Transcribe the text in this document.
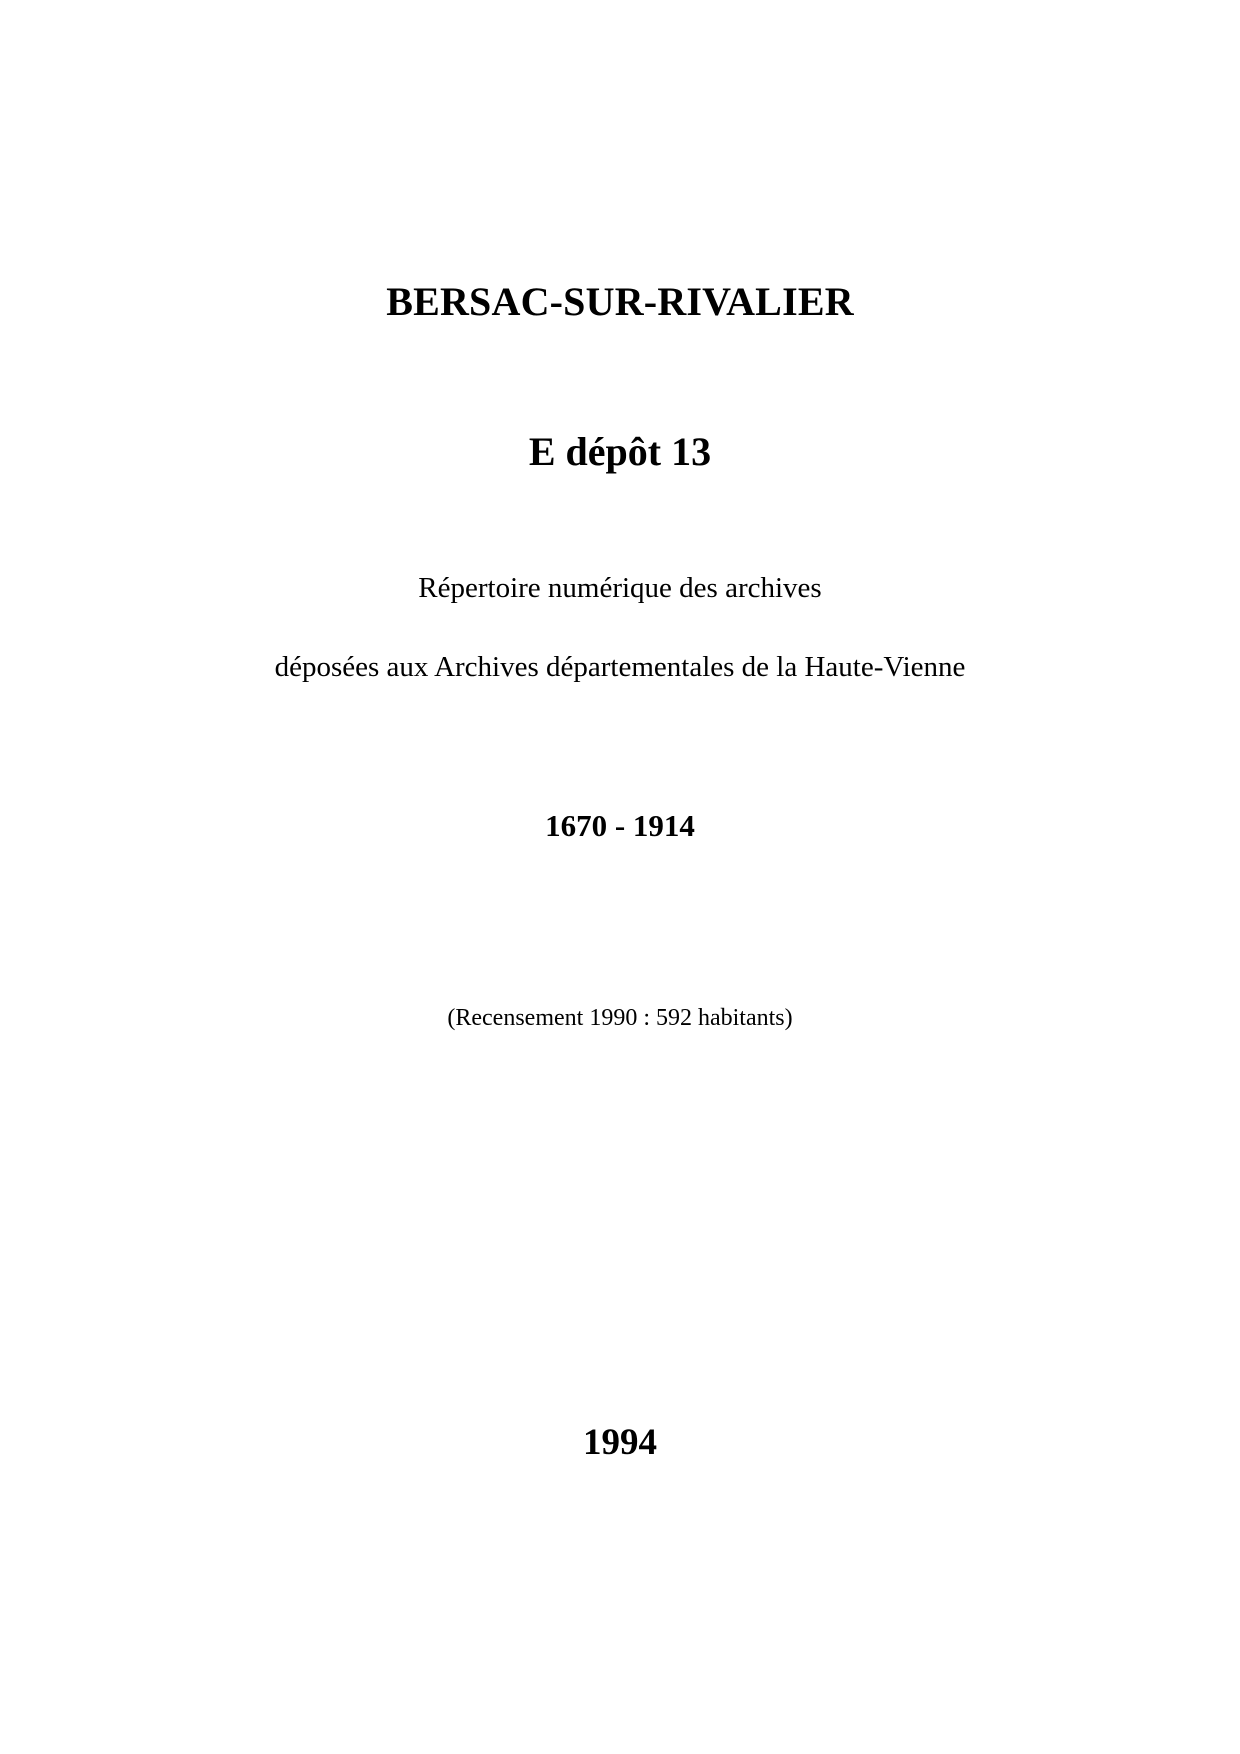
BERSAC-SUR-RIVALIER
E dépôt 13
Répertoire numérique des archives
déposées aux Archives départementales de la Haute-Vienne
1670 - 1914
(Recensement 1990 : 592 habitants)
1994
